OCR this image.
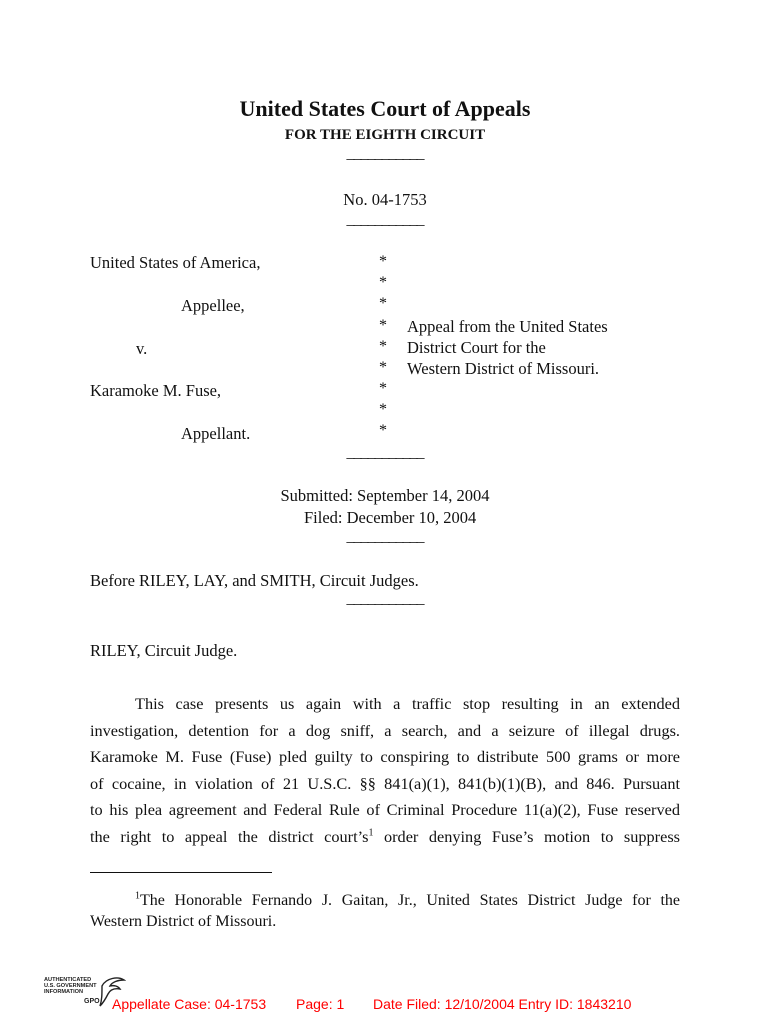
United States Court of Appeals
FOR THE EIGHTH CIRCUIT
___________
No. 04-1753
___________
United States of America,
Appellee,
v.
Karamoke M. Fuse,
Appellant.
*
*
*
*
*
*
*
*
*
Appeal from the United States
District Court for the
Western District of Missouri.
___________
Submitted: September 14, 2004
Filed: December 10, 2004
___________
Before RILEY, LAY, and SMITH, Circuit Judges.
___________
RILEY, Circuit Judge.
This case presents us again with a traffic stop resulting in an extended
investigation, detention for a dog sniff, a search, and a seizure of illegal drugs.
Karamoke M. Fuse (Fuse) pled guilty to conspiring to distribute 500 grams or more
of cocaine, in violation of 21 U.S.C. §§ 841(a)(1), 841(b)(1)(B), and 846. Pursuant
to his plea agreement and Federal Rule of Criminal Procedure 11(a)(2), Fuse reserved
the right to appeal the district $court’s^1$ order denying Fuse’s motion to suppress
$^1$The Honorable Fernando J. Gaitan, Jr., United States District Judge for the
Western District of Missouri.
AUTHENTICATED
U.S. GOVERNMENT
INFORMATION
GPO Appellate Case: 04-1753 Page: 1 Date Filed: 12/10/2004 Entry ID: 1843210
